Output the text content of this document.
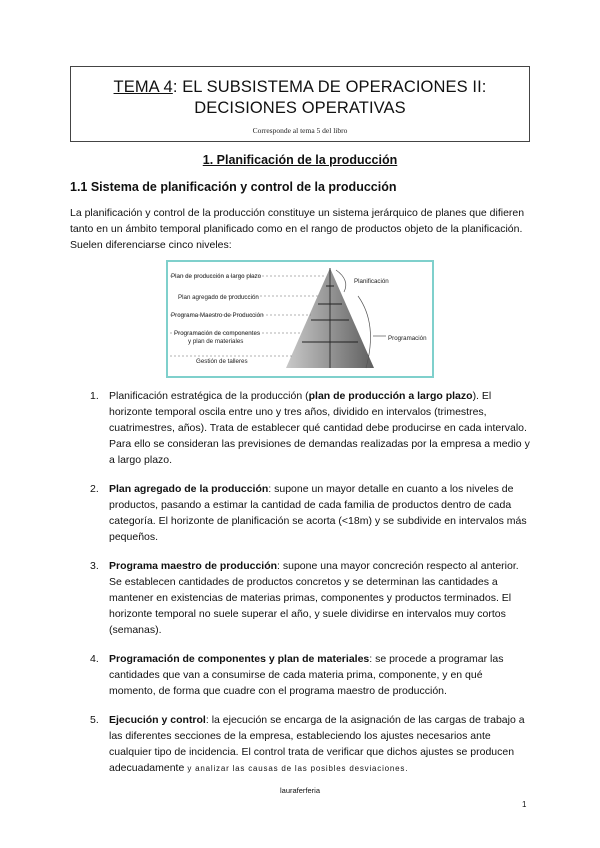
TEMA 4: EL SUBSISTEMA DE OPERACIONES II:
DECISIONES OPERATIVAS
Corresponde al tema 5 del libro
1. Planificación de la producción
1.1 Sistema de planificación y control de la producción
La planificación y control de la producción constituye un sistema jerárquico de planes que difieren tanto en un ámbito temporal planificado como en el rango de productos objeto de la planificación. Suelen diferenciarse cinco niveles:
Plan de producción a largo plazo
Plan agregado de producción
Programa Maestro de Producción
Programación de componentes
y plan de materiales
Gestión de talleres
Planificación
Programación
1. Planificación estratégica de la producción (plan de producción a largo plazo). El horizonte temporal oscila entre uno y tres años, dividido en intervalos (trimestres, cuatrimestres, años). Trata de establecer qué cantidad debe producirse en cada intervalo. Para ello se consideran las previsiones de demandas realizadas por la empresa a medio y a largo plazo.
2. Plan agregado de la producción: supone un mayor detalle en cuanto a los niveles de productos, pasando a estimar la cantidad de cada familia de productos dentro de cada categoría. El horizonte de planificación se acorta (<18m) y se subdivide en intervalos más pequeños.
3. Programa maestro de producción: supone una mayor concreción respecto al anterior. Se establecen cantidades de productos concretos y se determinan las cantidades a mantener en existencias de materias primas, componentes y productos terminados. El horizonte temporal no suele superar el año, y suele dividirse en intervalos muy cortos (semanas).
4. Programación de componentes y plan de materiales: se procede a programar las cantidades que van a consumirse de cada materia prima, componente, y en qué momento, de forma que cuadre con el programa maestro de producción.
5. Ejecución y control: la ejecución se encarga de la asignación de las cargas de trabajo a las diferentes secciones de la empresa, estableciendo los ajustes necesarios ante cualquier tipo de incidencia. El control trata de verificar que dichos ajustes se producen adecuadamente y analizar las causas de las posibles desviaciones.
lauraferferia
1
